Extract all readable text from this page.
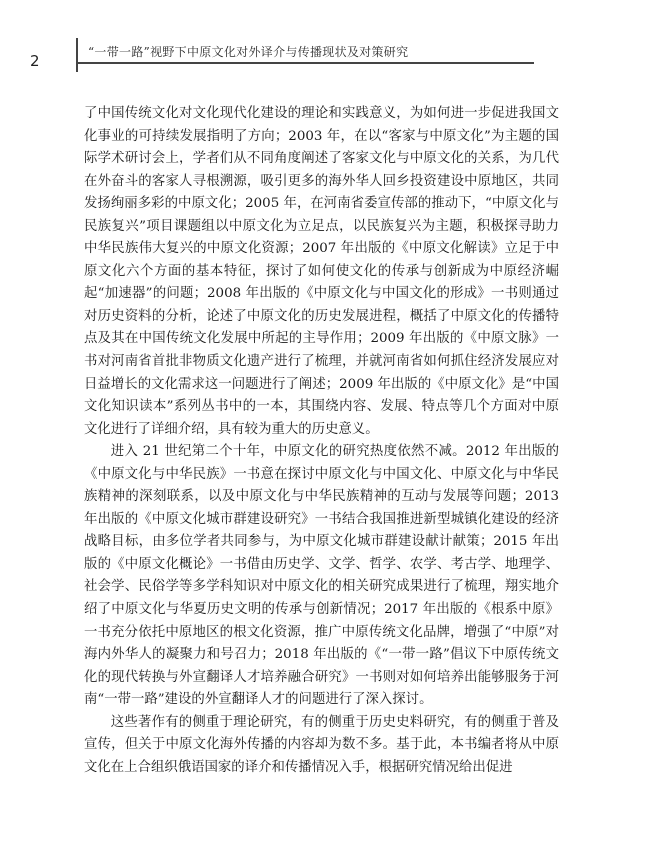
2	“一带一路”视野下中原文化对外译介与传播现状及对策研究

了中国传统文化对文化现代化建设的理论和实践意义，为如何进一步促进我国文化事业的可持续发展指明了方向；2003 年，在以“客家与中原文化”为主题的国际学术研讨会上，学者们从不同角度阐述了客家文化与中原文化的关系，为几代在外奋斗的客家人寻根溯源，吸引更多的海外华人回乡投资建设中原地区，共同发扬绚丽多彩的中原文化；2005 年，在河南省委宣传部的推动下，“中原文化与民族复兴”项目课题组以中原文化为立足点，以民族复兴为主题，积极探寻助力中华民族伟大复兴的中原文化资源；2007 年出版的《中原文化解读》立足于中原文化六个方面的基本特征，探讨了如何使文化的传承与创新成为中原经济崛起“加速器”的问题；2008 年出版的《中原文化与中国文化的形成》一书则通过对历史资料的分析，论述了中原文化的历史发展进程，概括了中原文化的传播特点及其在中国传统文化发展中所起的主导作用；2009 年出版的《中原文脉》一书对河南省首批非物质文化遗产进行了梳理，并就河南省如何抓住经济发展应对日益增长的文化需求这一问题进行了阐述；2009 年出版的《中原文化》是“中国文化知识读本”系列丛书中的一本，其围绕内容、发展、特点等几个方面对中原文化进行了详细介绍，具有较为重大的历史意义。

进入 21 世纪第二个十年，中原文化的研究热度依然不减。2012 年出版的《中原文化与中华民族》一书意在探讨中原文化与中国文化、中原文化与中华民族精神的深刻联系，以及中原文化与中华民族精神的互动与发展等问题；2013 年出版的《中原文化城市群建设研究》一书结合我国推进新型城镇化建设的经济战略目标，由多位学者共同参与，为中原文化城市群建设献计献策；2015 年出版的《中原文化概论》一书借由历史学、文学、哲学、农学、考古学、地理学、社会学、民俗学等多学科知识对中原文化的相关研究成果进行了梳理，翔实地介绍了中原文化与华夏历史文明的传承与创新情况；2017 年出版的《根系中原》一书充分依托中原地区的根文化资源，推广中原传统文化品牌，增强了“中原”对海内外华人的凝聚力和号召力；2018 年出版的《“一带一路”倡议下中原传统文化的现代转换与外宣翻译人才培养融合研究》一书则对如何培养出能够服务于河南“一带一路”建设的外宣翻译人才的问题进行了深入探讨。

这些著作有的侧重于理论研究，有的侧重于历史史料研究，有的侧重于普及宣传，但关于中原文化海外传播的内容却为数不多。基于此，本书编者将从中原文化在上合组织俄语国家的译介和传播情况入手，根据研究情况给出促进
